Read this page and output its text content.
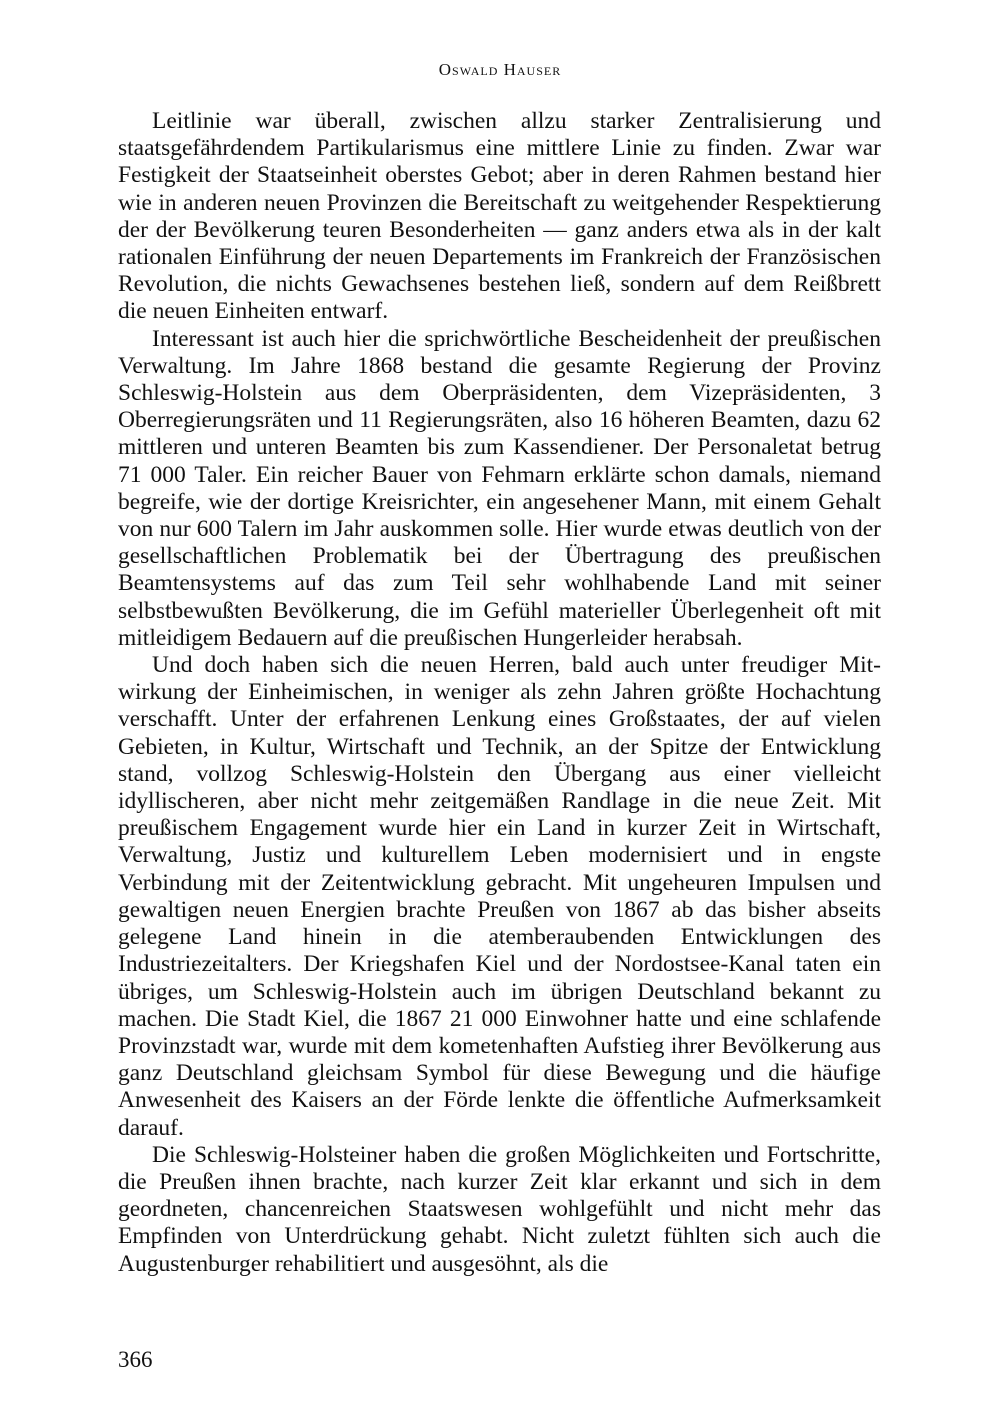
Oswald Hauser

Leitlinie war überall, zwischen allzu starker Zentralisierung und staatsgefährdendem Partikularismus eine mittlere Linie zu finden. Zwar war Festigkeit der Staatseinheit oberstes Gebot; aber in deren Rahmen bestand hier wie in anderen neuen Provinzen die Bereitschaft zu weitgehender Respektierung der der Bevölkerung teuren Besonderheiten — ganz anders etwa als in der kalt rationalen Einführung der neuen Departements im Frankreich der Französischen Revolution, die nichts Gewachsenes bestehen ließ, sondern auf dem Reißbrett die neuen Einheiten entwarf.

Interessant ist auch hier die sprichwörtliche Bescheidenheit der preußischen Verwaltung. Im Jahre 1868 bestand die gesamte Regierung der Provinz Schleswig-Holstein aus dem Oberpräsidenten, dem Vizepräsidenten, 3 Oberregierungsräten und 11 Regierungsräten, also 16 höheren Beamten, dazu 62 mittleren und unteren Beamten bis zum Kassendiener. Der Personaletat betrug 71 000 Taler. Ein reicher Bauer von Fehmarn erklärte schon damals, niemand begreife, wie der dortige Kreisrichter, ein angesehener Mann, mit einem Gehalt von nur 600 Talern im Jahr auskommen solle. Hier wurde etwas deutlich von der gesellschaftlichen Problematik bei der Übertragung des preußischen Beamtensystems auf das zum Teil sehr wohlhabende Land mit seiner selbstbewußten Bevölkerung, die im Gefühl materieller Überlegenheit oft mit mitleidigem Bedauern auf die preußischen Hungerleider herabsah.

Und doch haben sich die neuen Herren, bald auch unter freudiger Mitwirkung der Einheimischen, in weniger als zehn Jahren größte Hochachtung verschafft. Unter der erfahrenen Lenkung eines Großstaates, der auf vielen Gebieten, in Kultur, Wirtschaft und Technik, an der Spitze der Entwicklung stand, vollzog Schleswig-Holstein den Übergang aus einer vielleicht idyllischeren, aber nicht mehr zeitgemäßen Randlage in die neue Zeit. Mit preußischem Engagement wurde hier ein Land in kurzer Zeit in Wirtschaft, Verwaltung, Justiz und kulturellem Leben modernisiert und in engste Verbindung mit der Zeitentwicklung gebracht. Mit ungeheuren Impulsen und gewaltigen neuen Energien brachte Preußen von 1867 ab das bisher abseits gelegene Land hinein in die atemberaubenden Entwicklungen des Industriezeitalters. Der Kriegshafen Kiel und der Nordostsee-Kanal taten ein übriges, um Schleswig-Holstein auch im übrigen Deutschland bekannt zu machen. Die Stadt Kiel, die 1867 21 000 Einwohner hatte und eine schlafende Provinzstadt war, wurde mit dem kometenhaften Aufstieg ihrer Bevölkerung aus ganz Deutschland gleichsam Symbol für diese Bewegung und die häufige Anwesenheit des Kaisers an der Förde lenkte die öffentliche Aufmerksamkeit darauf.

Die Schleswig-Holsteiner haben die großen Möglichkeiten und Fortschritte, die Preußen ihnen brachte, nach kurzer Zeit klar erkannt und sich in dem geordneten, chancenreichen Staatswesen wohlgefühlt und nicht mehr das Empfinden von Unterdrückung gehabt. Nicht zuletzt fühlten sich auch die Augustenburger rehabilitiert und ausgesöhnt, als die

366
